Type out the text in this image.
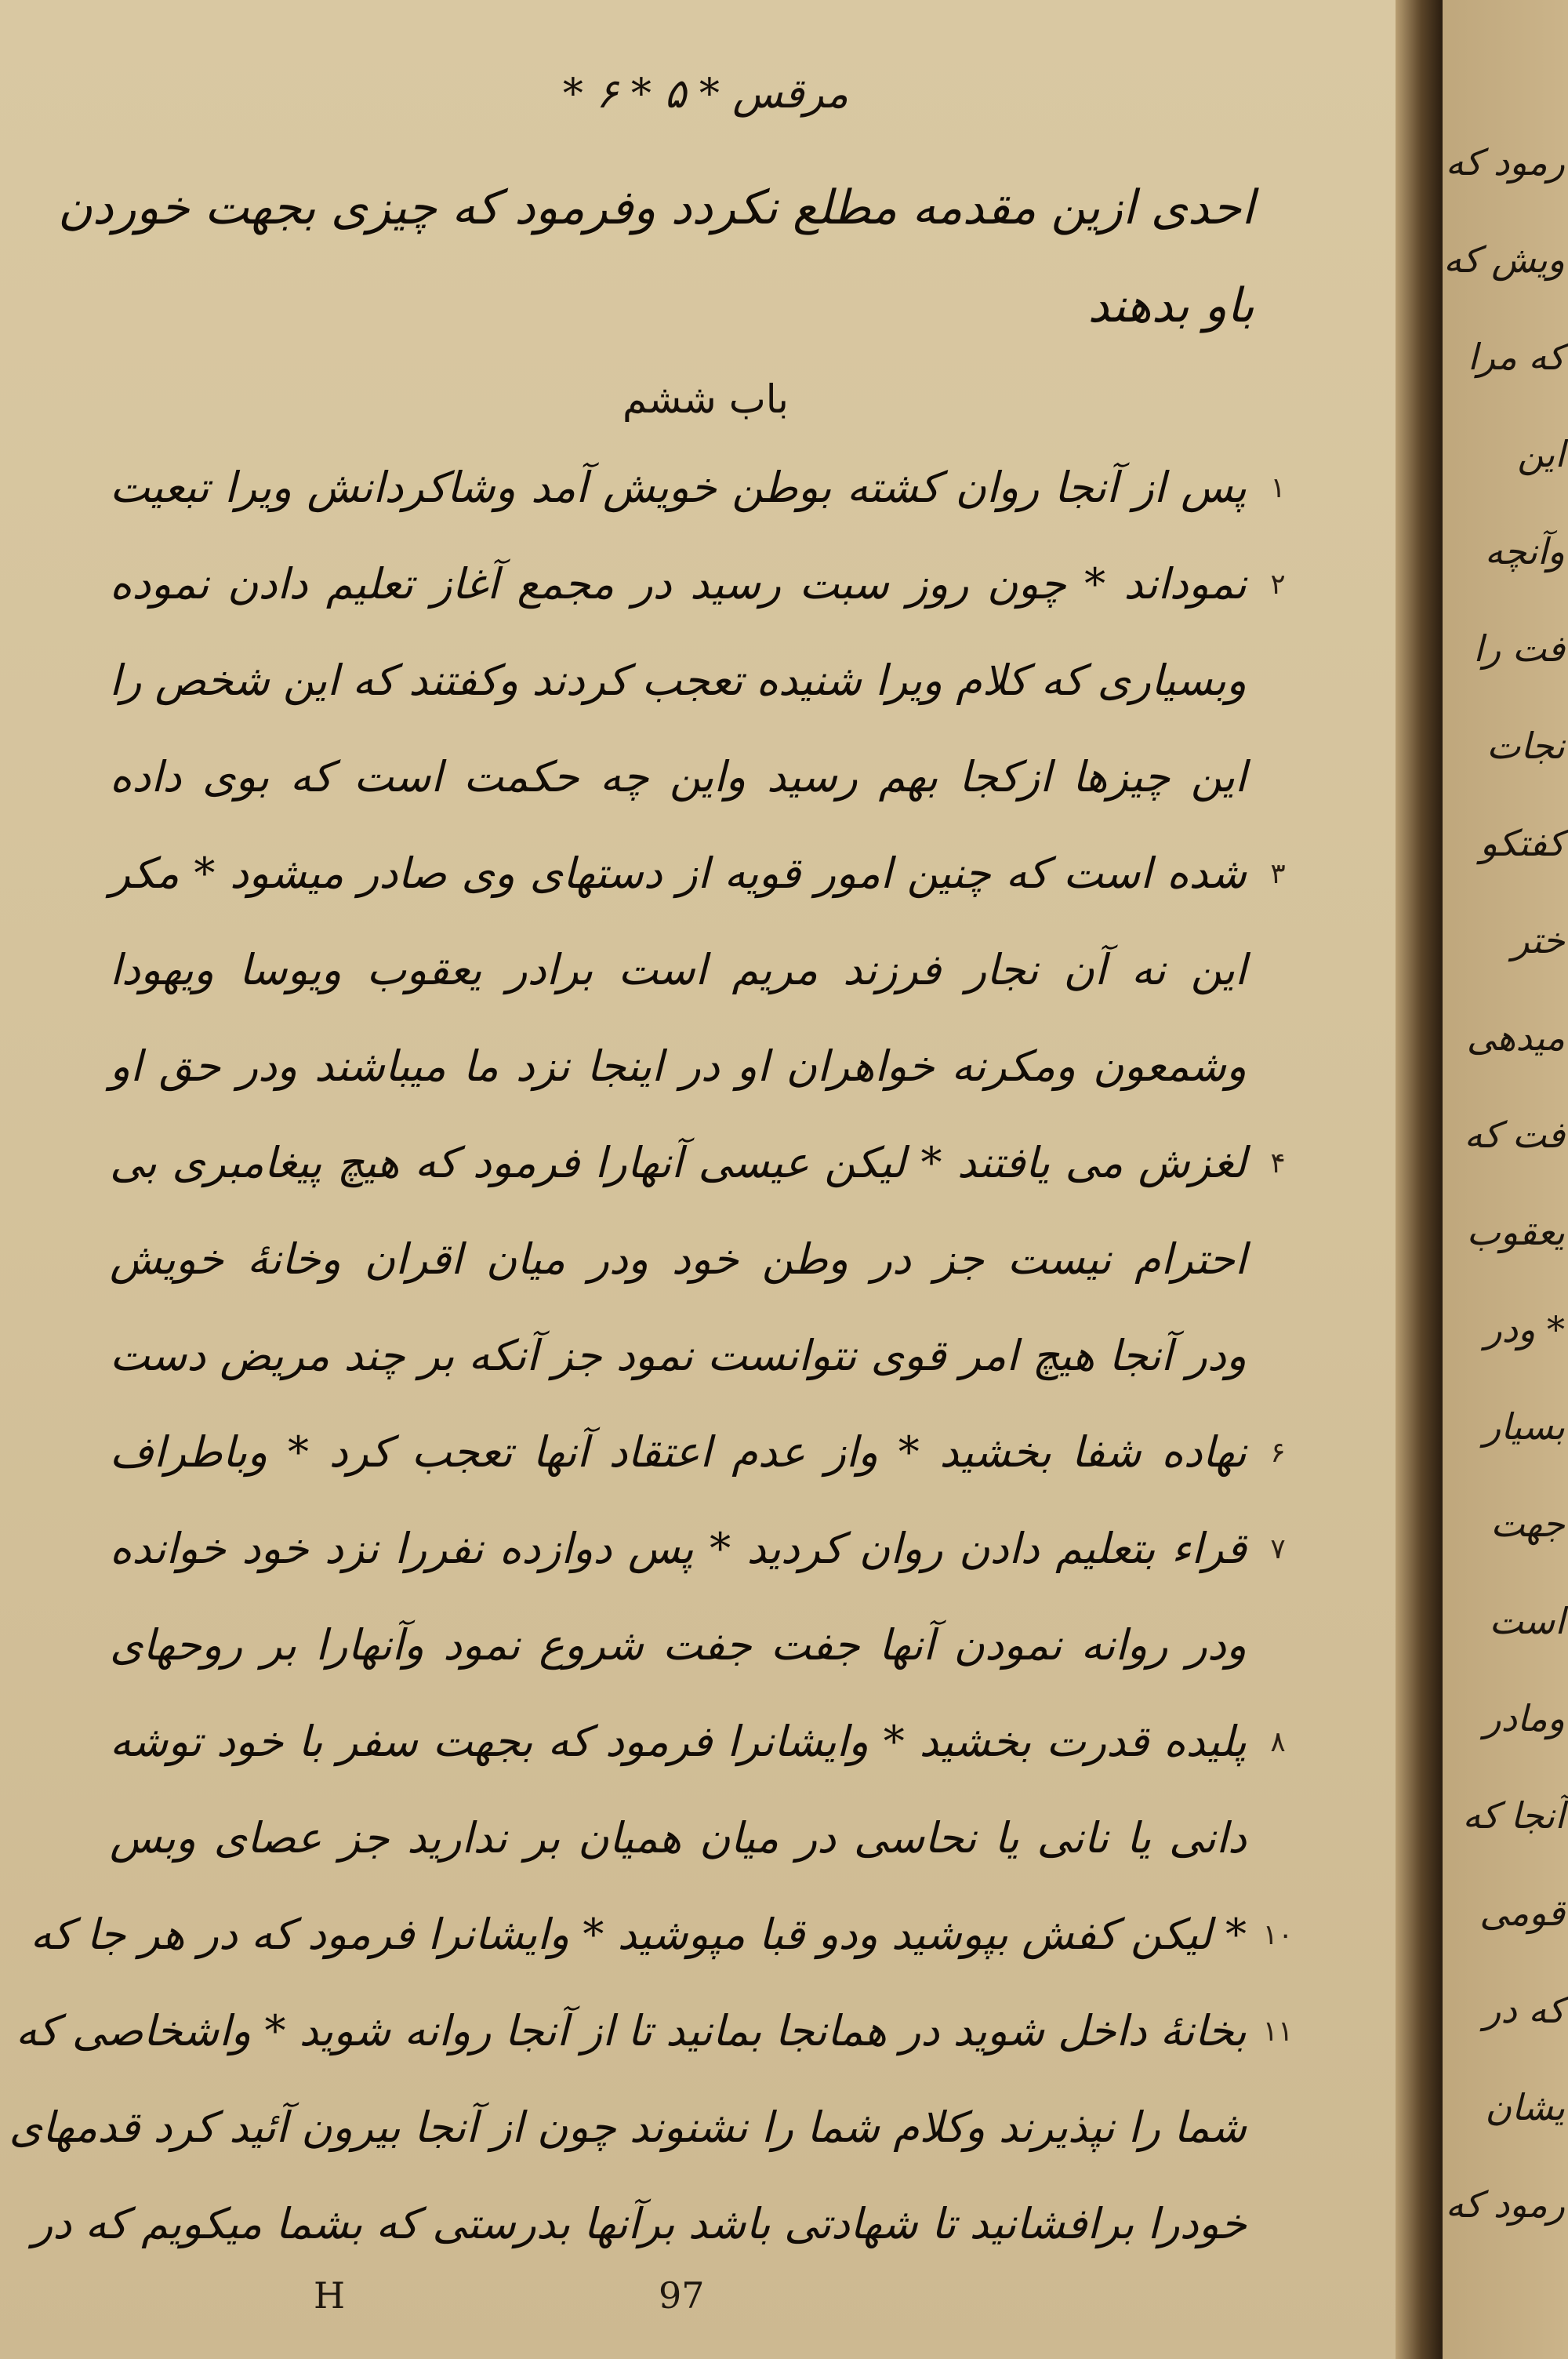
مرقس * ۵ * ۶ *
احدی ازین مقدمه مطلع نکردد وفرمود که چیزی بجهت خوردن
باو بدهند
باب ششم
۱
پس از آنجا روان کشته بوطن خویش آمد وشاکردانش ویرا تبعیت
۲
نموداند * چون روز سبت رسید در مجمع آغاز تعلیم دادن نموده
وبسیاری که کلام ویرا شنیده تعجب کردند وکفتند که این شخص را
این چیزها ازکجا بهم رسید واین چه حکمت است که بوی داده
۳
شده است که چنین امور قویه از دستهای وی صادر میشود * مکر
این نه آن نجار فرزند مریم است برادر یعقوب ویوسا ویهودا
وشمعون ومکرنه خواهران او در اینجا نزد ما میباشند ودر حق او
۴
لغزش می یافتند * لیکن عیسی آنهارا فرمود که هیچ پیغامبری بی
احترام نیست جز در وطن خود ودر میان اقران وخانهٔ خویش
ودر آنجا هیچ امر قوی نتوانست نمود جز آنکه بر چند مریض دست
۶
نهاده شفا بخشید * واز عدم اعتقاد آنها تعجب کرد * وباطراف
۷
قراء بتعلیم دادن روان کردید * پس دوازده نفررا نزد خود خوانده
ودر روانه نمودن آنها جفت جفت شروع نمود وآنهارا بر روحهای
۸
پلیده قدرت بخشید * وایشانرا فرمود که بجهت سفر با خود توشه
دانی یا نانی یا نحاسی در میان همیان بر ندارید جز عصای وبس
۱۰
* لیکن کفش بپوشید ودو قبا مپوشید * وایشانرا فرمود که در هر جا که
۱۱
بخانهٔ داخل شوید در همانجا بمانید تا از آنجا روانه شوید * واشخاصی که
شما را نپذیرند وکلام شما را نشنوند چون از آنجا بیرون آئید کرد قدمهای
خودرا برافشانید تا شهادتی باشد برآنها بدرستی که بشما میکویم که در
H	97
رمود که
ویش که
که مرا
این
وآنچه
فت را
نجات
کفتکو
ختر
میدهی
فت که
یعقوب
* ودر
بسیار
جهت
است
ومادر
آنجا که
قومی
که در
یشان
رمود که
